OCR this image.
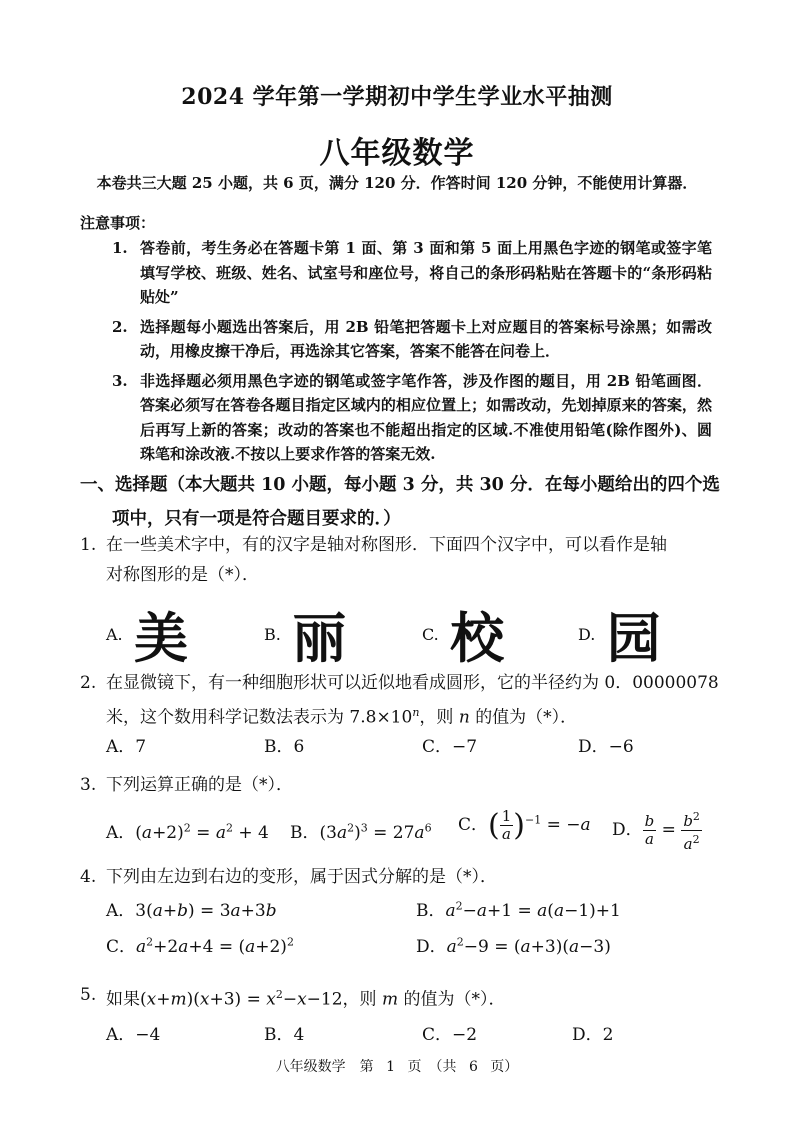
2024 学年第一学期初中学生学业水平抽测
八年级数学
本卷共三大题 25 小题，共 6 页，满分 120 分．作答时间 120 分钟，不能使用计算器．
注意事项：
1. 答卷前，考生务必在答题卡第 1 面、第 3 面和第 5 面上用黑色字迹的钢笔或签字笔填写学校、班级、姓名、试室号和座位号，将自己的条形码粘贴在答题卡的“条形码粘贴处”
2. 选择题每小题选出答案后，用 2B 铅笔把答题卡上对应题目的答案标号涂黑；如需改动，用橡皮擦干净后，再选涂其它答案，答案不能答在问卷上．
3. 非选择题必须用黑色字迹的钢笔或签字笔作答，涉及作图的题目，用 2B 铅笔画图．答案必须写在答卷各题目指定区域内的相应位置上；如需改动，先划掉原来的答案，然后再写上新的答案；改动的答案也不能超出指定的区域.不准使用铅笔(除作图外)、圆珠笔和涂改液.不按以上要求作答的答案无效.
一、选择题（本大题共 10 小题，每小题 3 分，共 30 分．在每小题给出的四个选
项中，只有一项是符合题目要求的．）
1. 在一些美术字中，有的汉字是轴对称图形．下面四个汉字中，可以看作是轴
对称图形的是（*）．
A. 美	B. 丽	C. 校	D. 园
2. 在显微镜下，有一种细胞形状可以近似地看成圆形，它的半径约为 0．00000078
米，这个数用科学记数法表示为 $7.8\times 10^n$，则 n 的值为（*）．
A．7	B．6	C．−7	D．−6
3. 下列运算正确的是（*）．
A．$(a+2)^2 = a^2 + 4$ B．$(3a^2)^3 = 27a^6$ C．( $\frac{1}{a} )^{-1} = -a$ D． $\frac{b}{a} = \frac{b^2}{a^2}$
4. 下列由左边到右边的变形，属于因式分解的是（*）．
A．3(a+b) = 3a+3b	B．$a^2-a+1 = a(a-1)+1$
C．$a^2+2a+4 = (a+2)^2$	D．$a^2-9 = (a+3)(a-3)$
5. 如果$(x+m)(x+3) = x^2-x-12$，则 m 的值为（*）．
A．−4	B．4	C．−2	D．2
八年级数学　第 1 页　（共 6 页）
